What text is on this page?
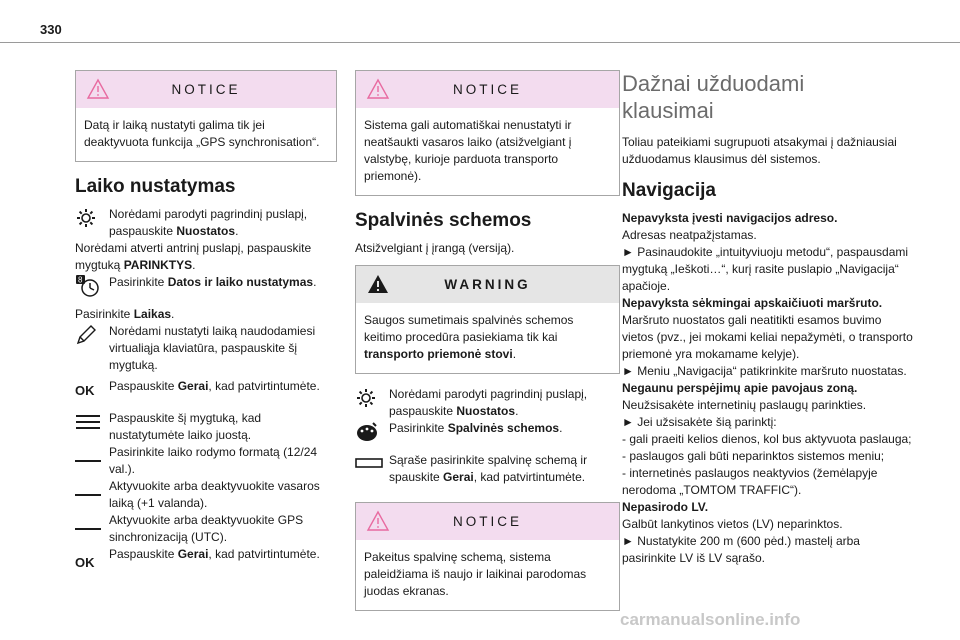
330
NOTICE
Datą ir laiką nustatyti galima tik jei deaktyvuota funkcija „GPS synchronisation“.
Laiko nustatymas
Norėdami parodyti pagrindinį puslapį, paspauskite Nuostatos.

Norėdami atverti antrinį puslapį, paspauskite mygtuką PARINKTYS.

8 Pasirinkite Datos ir laiko nustatymas.

Pasirinkite Laikas.

Norėdami nustatyti laiką naudodamiesi virtualiąja klaviatūra, paspauskite šį mygtuką.
OK Paspauskite Gerai, kad patvirtintumėte.
Paspauskite šį mygtuką, kad nustatytumėte laiko juostą.
Pasirinkite laiko rodymo formatą (12/24 val.).
Aktyvuokite arba deaktyvuokite vasaros laiką (+1 valanda).
Aktyvuokite arba deaktyvuokite GPS sinchronizaciją (UTC).
OK
Paspauskite Gerai, kad patvirtintumėte.
NOTICE
Sistema gali automatiškai nenustatyti ir neatšaukti vasaros laiko (atsižvelgiant į valstybę, kurioje parduota transporto priemonė).
Spalvinės schemos

Atsižvelgiant į įrangą (versiją).

WARNING
Saugos sumetimais spalvinės schemos keitimo procedūra pasiekiama tik kai transporto priemonė stovi.
Norėdami parodyti pagrindinį puslapį, paspauskite Nuostatos.
Pasirinkite Spalvinės schemos.
Sąraše pasirinkite spalvinę schemą ir spauskite Gerai, kad patvirtintumėte.
NOTICE
Pakeitus spalvinę schemą, sistema paleidžiama iš naujo ir laikinai parodomas juodas ekranas.
Dažnai užduodami
klausimai

Toliau pateikiami sugrupuoti atsakymai į dažniausiai užduodamus klausimus dėl sistemos.

Navigacija

Nepavyksta įvesti navigacijos adreso.

Adresas neatpažįstamas.

► Pasinaudokite „intuityviuoju metodu“, paspausdami mygtuką „Ieškoti…“, kurį rasite puslapio „Navigacija“ apačioje.

Nepavyksta sėkmingai apskaičiuoti maršruto.

Maršruto nuostatos gali neatitikti esamos buvimo vietos (pvz., jei mokami keliai nepažymėti, o transporto priemonė yra mokamame kelyje).

► Meniu „Navigacija“ patikrinkite maršruto nuostatas.

Negaunu perspėjimų apie pavojaus zoną.

Neužsisakėte internetinių paslaugų parinkties.

► Jei užsisakėte šią parinktį:

- gali praeiti kelios dienos, kol bus aktyvuota paslauga;

- paslaugos gali būti neparinktos sistemos meniu;

- internetinės paslaugos neaktyvios (žemėlapyje nerodoma „TOMTOM TRAFFIC“).

Nepasirodo LV.

Galbūt lankytinos vietos (LV) neparinktos.

► Nustatykite 200 m (600 pėd.) mastelį arba pasirinkite LV iš LV sąrašo.

carmanualsonline.info
